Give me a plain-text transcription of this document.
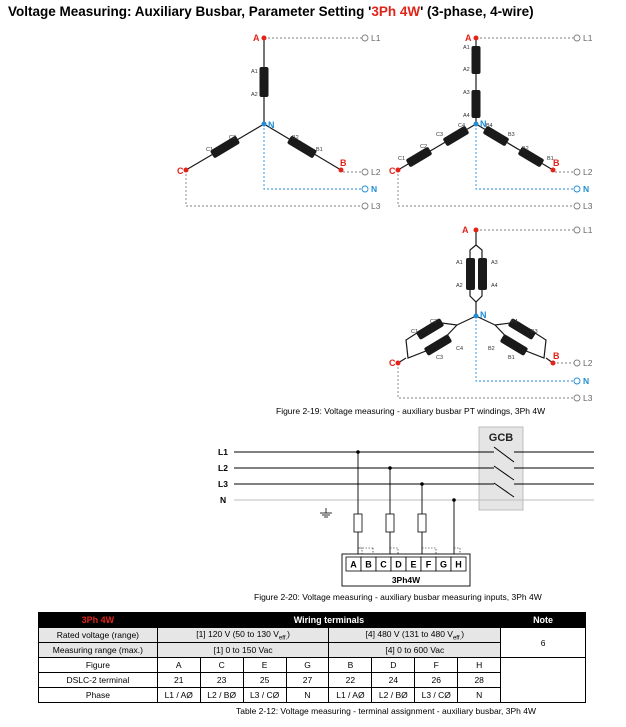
Voltage Measuring: Auxiliary Busbar, Parameter Setting '3Ph 4W' (3-phase, 4-wire)
A
B
C
N
A1
A2
B2
B1
C1
C2
L1
L2
N
L3
A
B
C
N
A1
A2
A3
A4
B1
B2
B3
B4
C1
C2
C3
C4
L1
L2
N
L3
A
B
C
N
A1
A2
A3
A4
B1
B2
B3
B4
C1
C2
C3
C4
L1
L2
N
L3
GCB
L1
L2
L3
N
A B C D E F G H
3Ph4W
Figure 2-19: Voltage measuring - auxiliary busbar PT windings, 3Ph 4W
Figure 2-20: Voltage measuring - auxiliary busbar measuring inputs, 3Ph 4W
3Ph 4W	Wiring terminals								Note
Rated voltage (range)	[1] 120 V (50 to 130 $V_{eff.}$)				[4] 480 V (131 to 480 $V_{eff.}$)				6
Measuring range (max.)	[1] 0 to 150 Vac				[4] 0 to 600 Vac				
Figure	A	C	E	G	B	D	F	H	
DSLC-2 terminal	21	23	25	27	22	24	26	28	
Phase	L1 / AØ	L2 / BØ	L3 / CØ	N	L1 / AØ	L2 / BØ	L3 / CØ	N	
Table 2-12: Voltage measuring - terminal assignment - auxiliary busbar, 3Ph 4W
